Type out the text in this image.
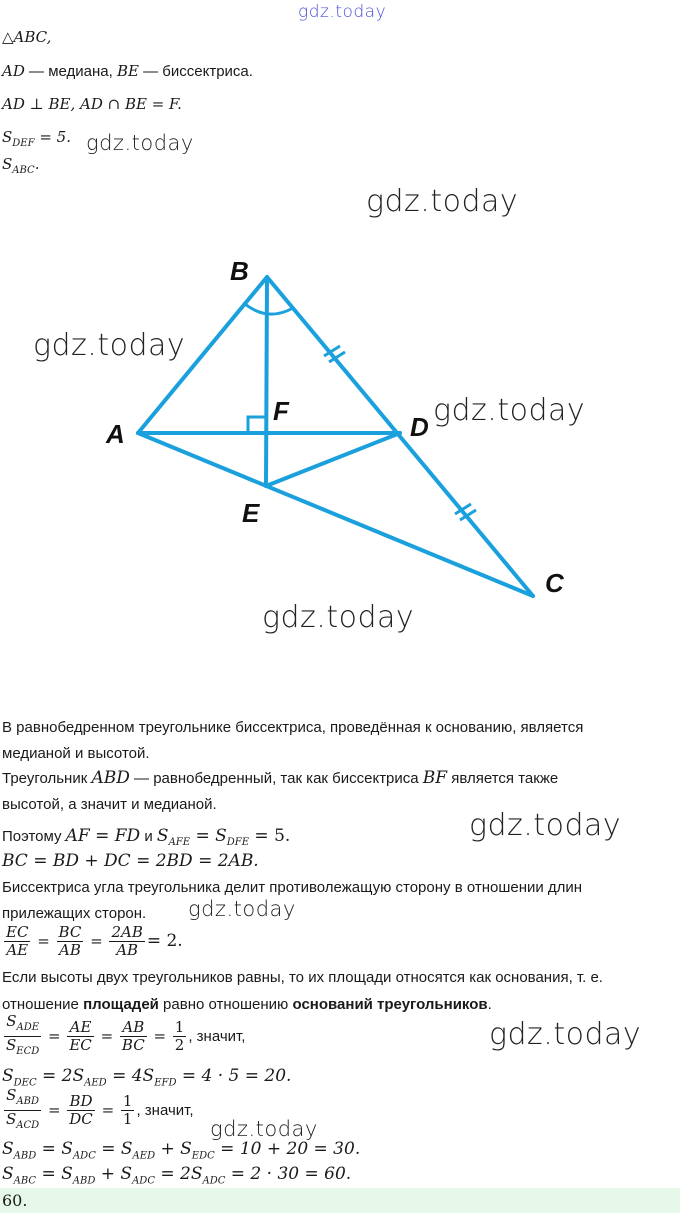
gdz.today
gdz.today
gdz.today
gdz.today
gdz.today
gdz.today
gdz.today
gdz.today
gdz.today
gdz.today
△ABC,
AD — медиана, BE — биссектриса.
AD ⊥ BE, AD ∩ BE = F.
$S_{DEF} = 5$.
$S_{ABC}$.
B
A
F
D
E
C
В равнобедренном треугольнике биссектриса, проведённая к основанию, является
медианой и высотой.
Треугольник ABD — равнобедренный, так как биссектриса BF является также
высотой, а значит и медианой.
Поэтому AF = FD и $S_{AFE} = S_{DFE} = 5$.
BC = BD + DC = 2BD = 2AB.
Биссектриса угла треугольника делит противолежащую сторону в отношении длин
прилежащих сторон.
$\frac{EC}{AE} = \frac{BC}{AB} = \frac{2AB}{AB} = 2$.
Если высоты двух треугольников равны, то их площади относятся как основания, т. е.
отношение площадей равно отношению оснований треугольников.
$\frac{S_{ADE}}{S_{ECD}} = \frac{AE}{EC} = \frac{AB}{BC} = \frac{1}{2}$ , значит,
$S_{DEC} = 2S_{AED} = 4S_{EFD} = 4 \cdot 5 = 20$.
$\frac{S_{ABD}}{S_{ACD}} = \frac{BD}{DC} = \frac{1}{1}$ , значит,
$S_{ABD} = S_{ADC} = S_{AED} + S_{EDC} = 10 + 20 = 30$.
$S_{ABC} = S_{ABD} + S_{ADC} = 2S_{ADC} = 2 \cdot 30 = 60$.
60.
